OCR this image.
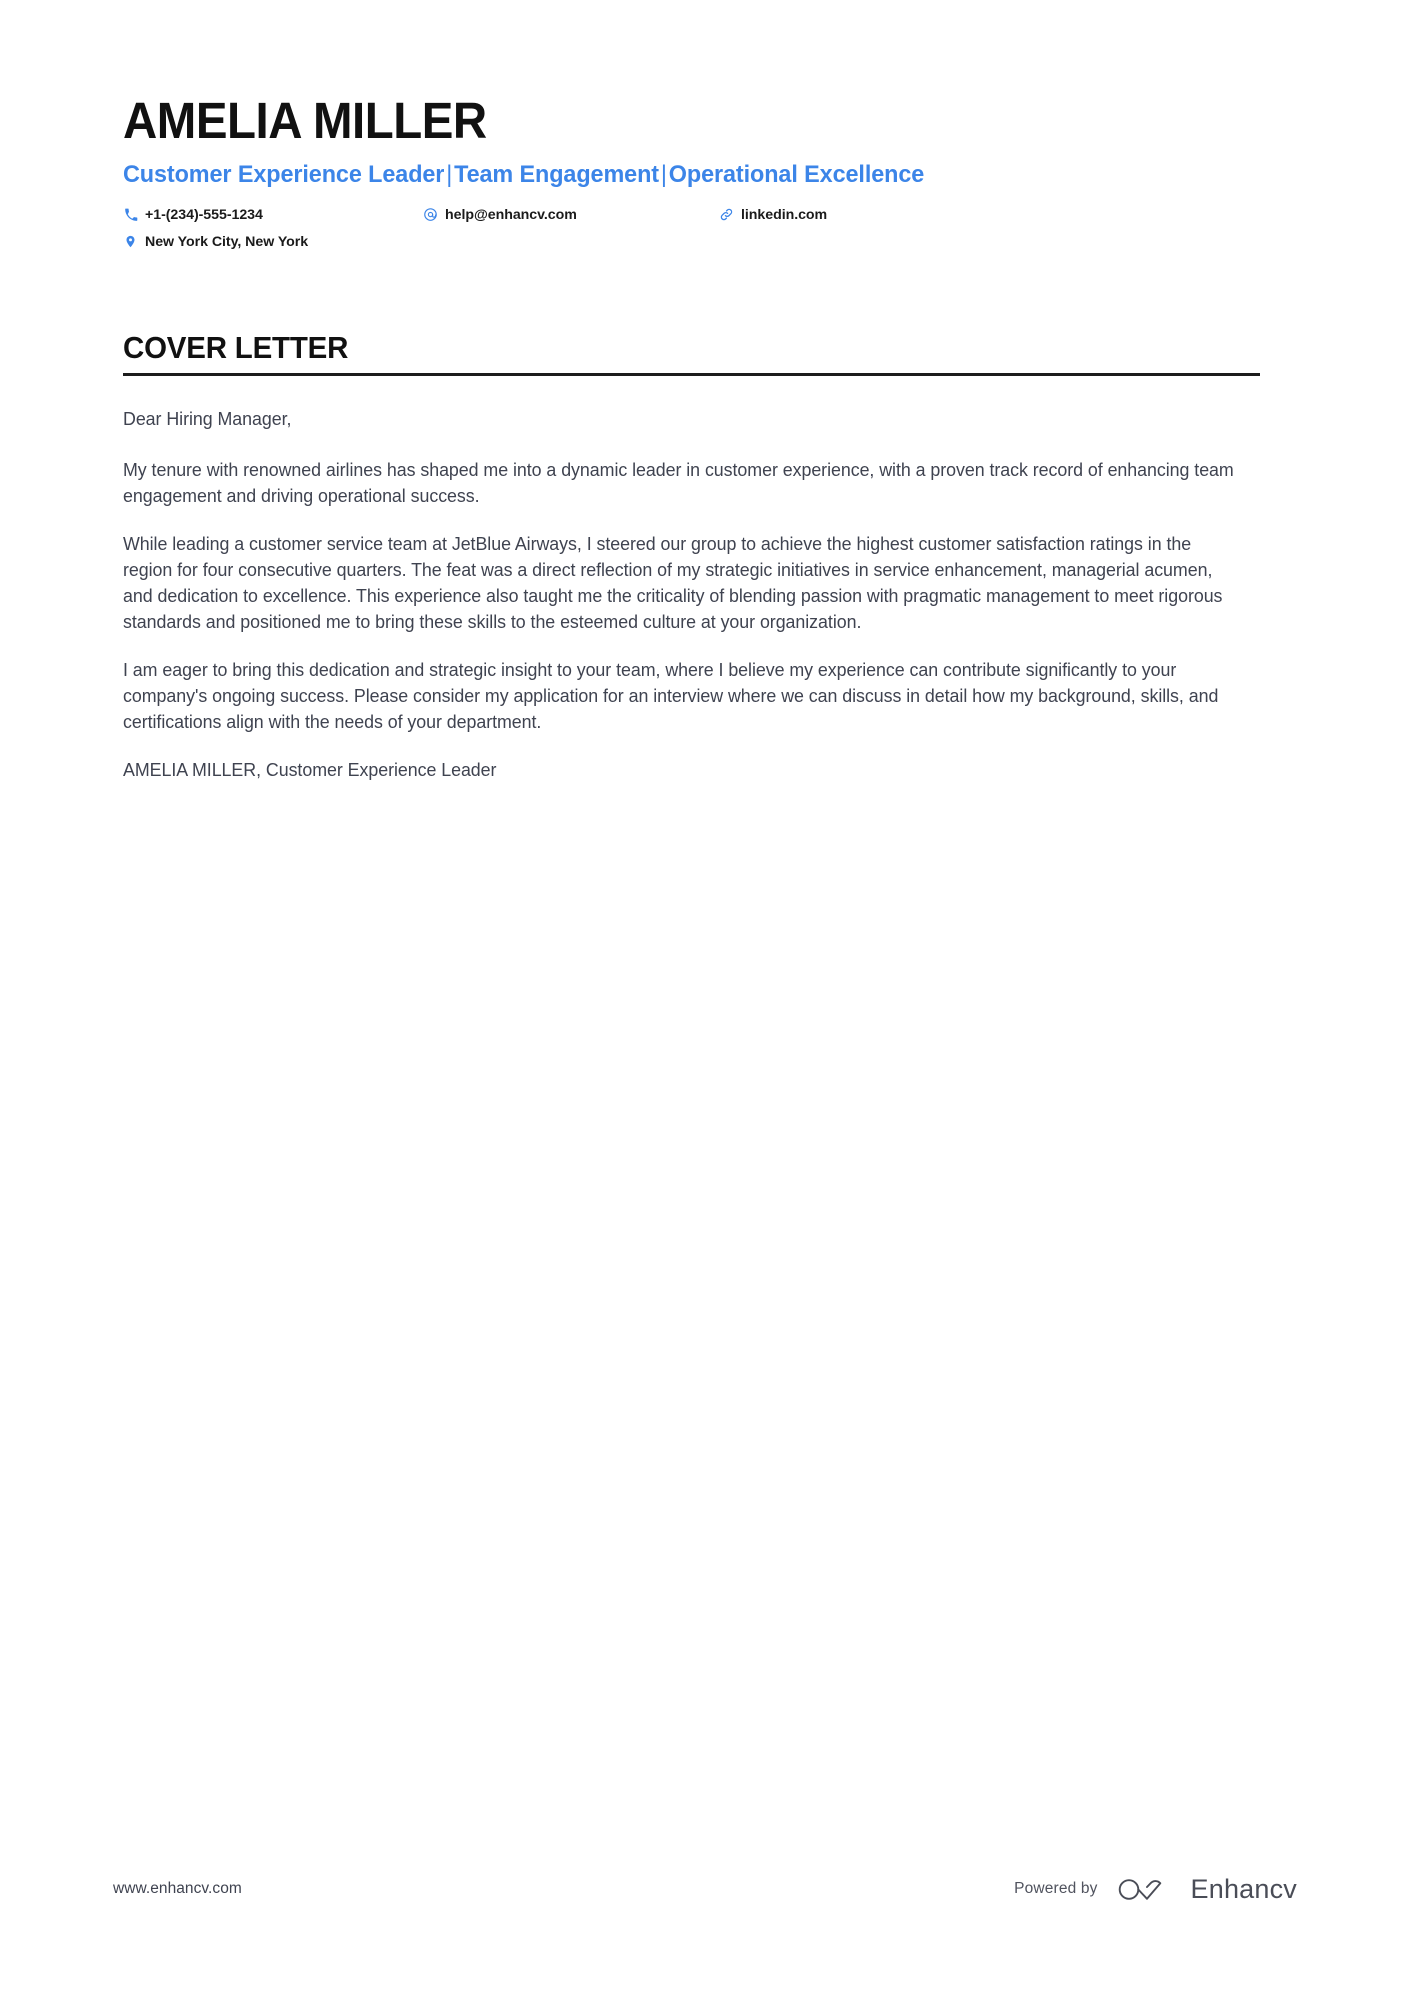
AMELIA MILLER
Customer Experience Leader|Team Engagement|Operational Excellence
+1-(234)-555-1234	help@enhancv.com	linkedin.com
New York City, New York
COVER LETTER

Dear Hiring Manager,

My tenure with renowned airlines has shaped me into a dynamic leader in customer experience, with a proven track record of enhancing team engagement and driving operational success.

While leading a customer service team at JetBlue Airways, I steered our group to achieve the highest customer satisfaction ratings in the region for four consecutive quarters. The feat was a direct reflection of my strategic initiatives in service enhancement, managerial acumen, and dedication to excellence. This experience also taught me the criticality of blending passion with pragmatic management to meet rigorous standards and positioned me to bring these skills to the esteemed culture at your organization.

I am eager to bring this dedication and strategic insight to your team, where I believe my experience can contribute significantly to your company's ongoing success. Please consider my application for an interview where we can discuss in detail how my background, skills, and certifications align with the needs of your department.

AMELIA MILLER, Customer Experience Leader

www.enhancv.com	Powered by	Enhancv
